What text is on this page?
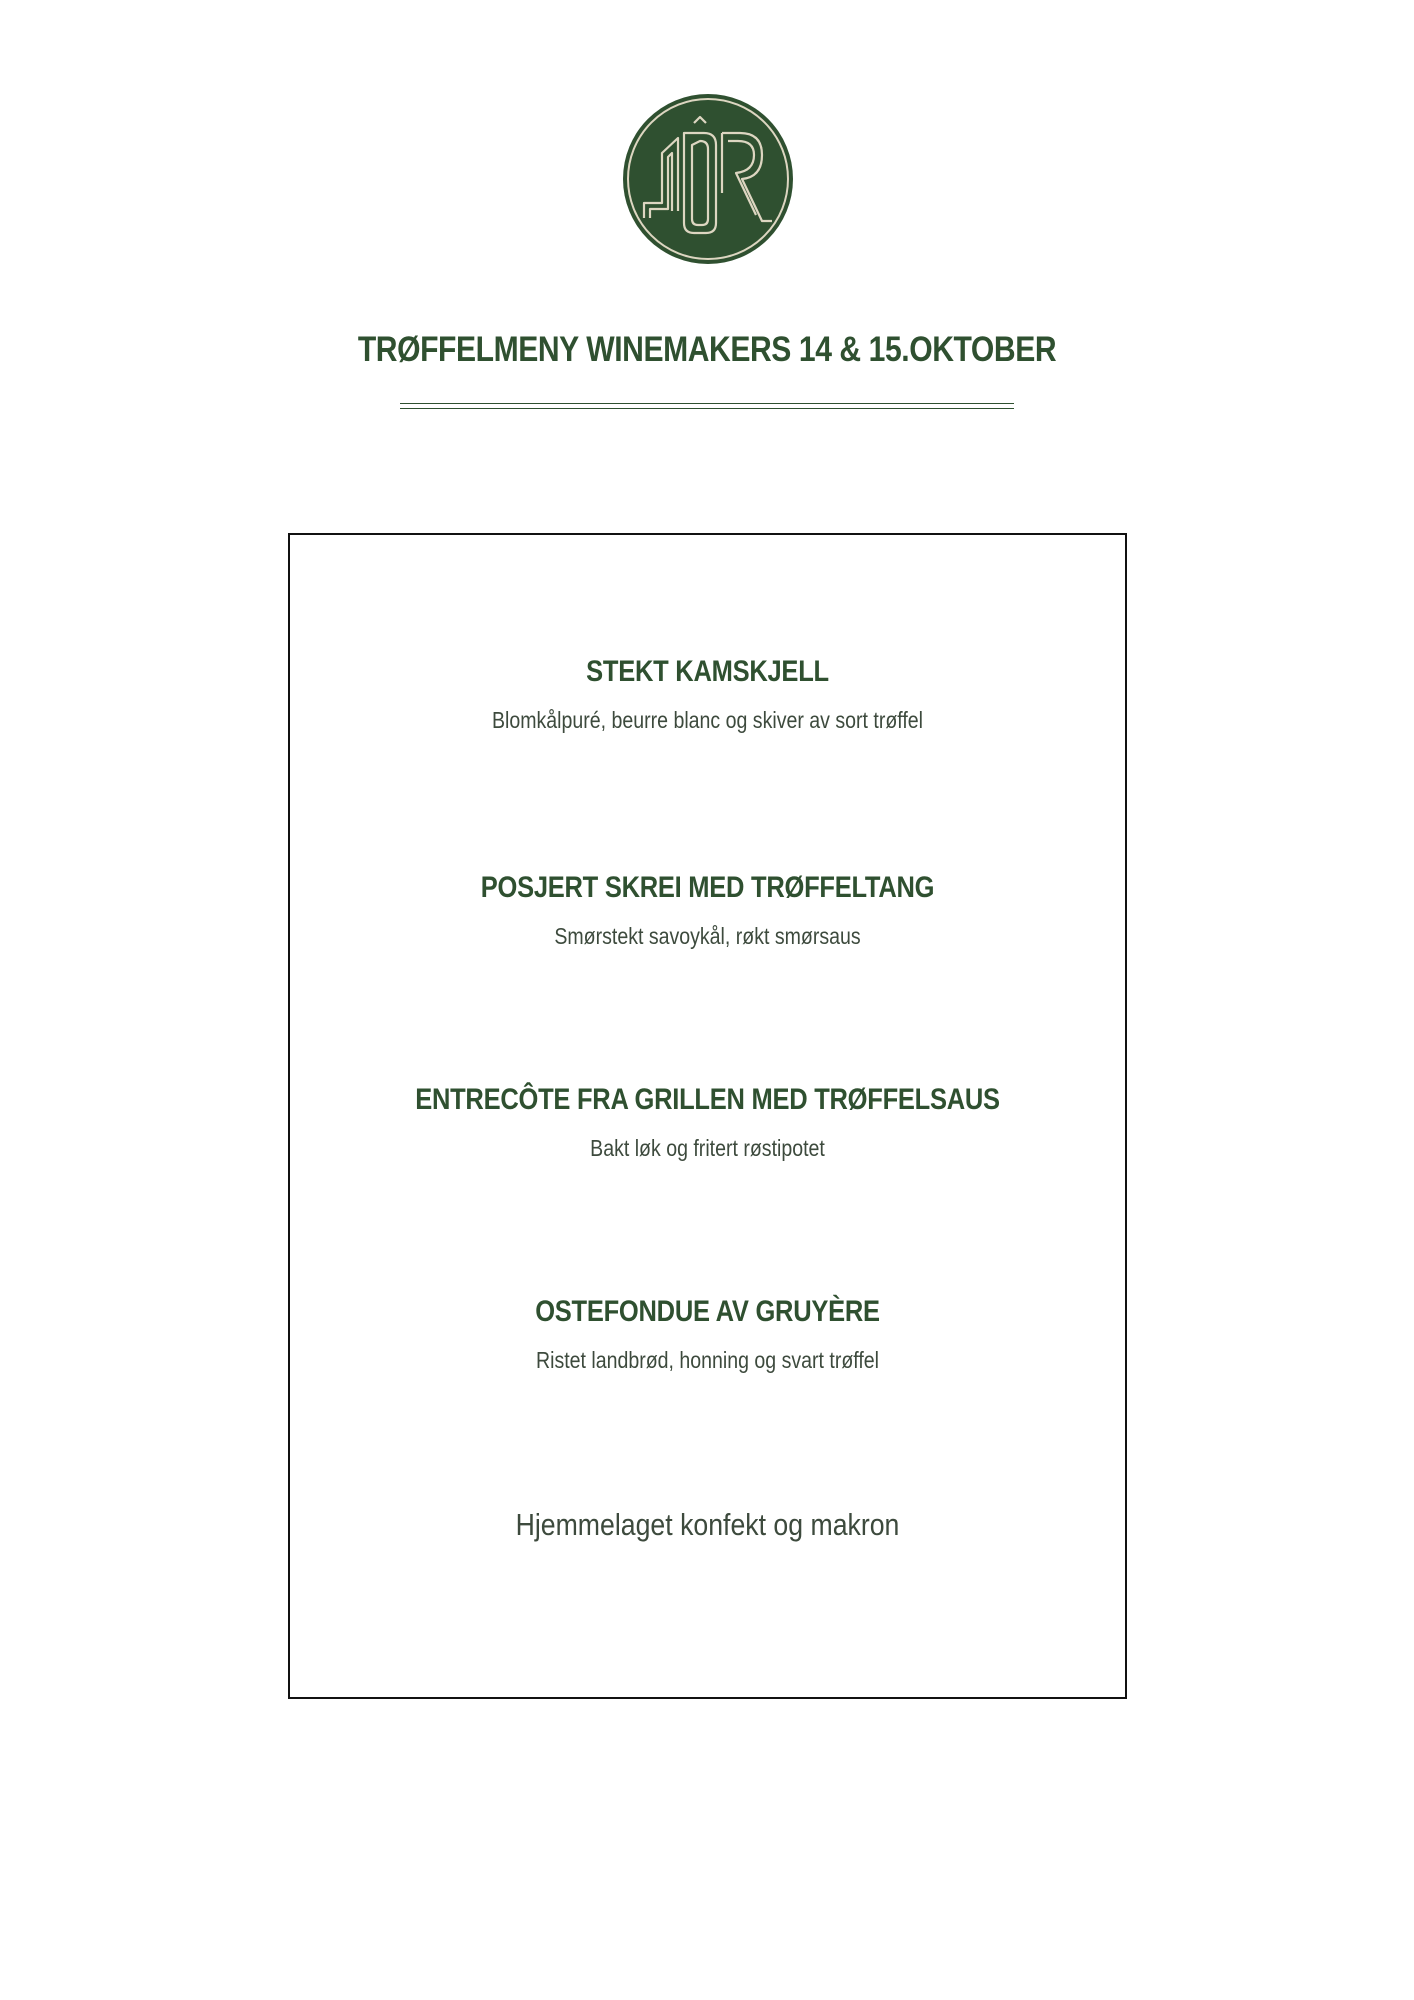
TRØFFELMENY WINEMAKERS 14 & 15.OKTOBER
STEKT KAMSKJELL
Blomkålpuré, beurre blanc og skiver av sort trøffel
POSJERT SKREI MED TRØFFELTANG
Smørstekt savoykål, røkt smørsaus
ENTRECÔTE FRA GRILLEN MED TRØFFELSAUS
Bakt løk og fritert røstipotet
OSTEFONDUE AV GRUYÈRE
Ristet landbrød, honning og svart trøffel
Hjemmelaget konfekt og makron
